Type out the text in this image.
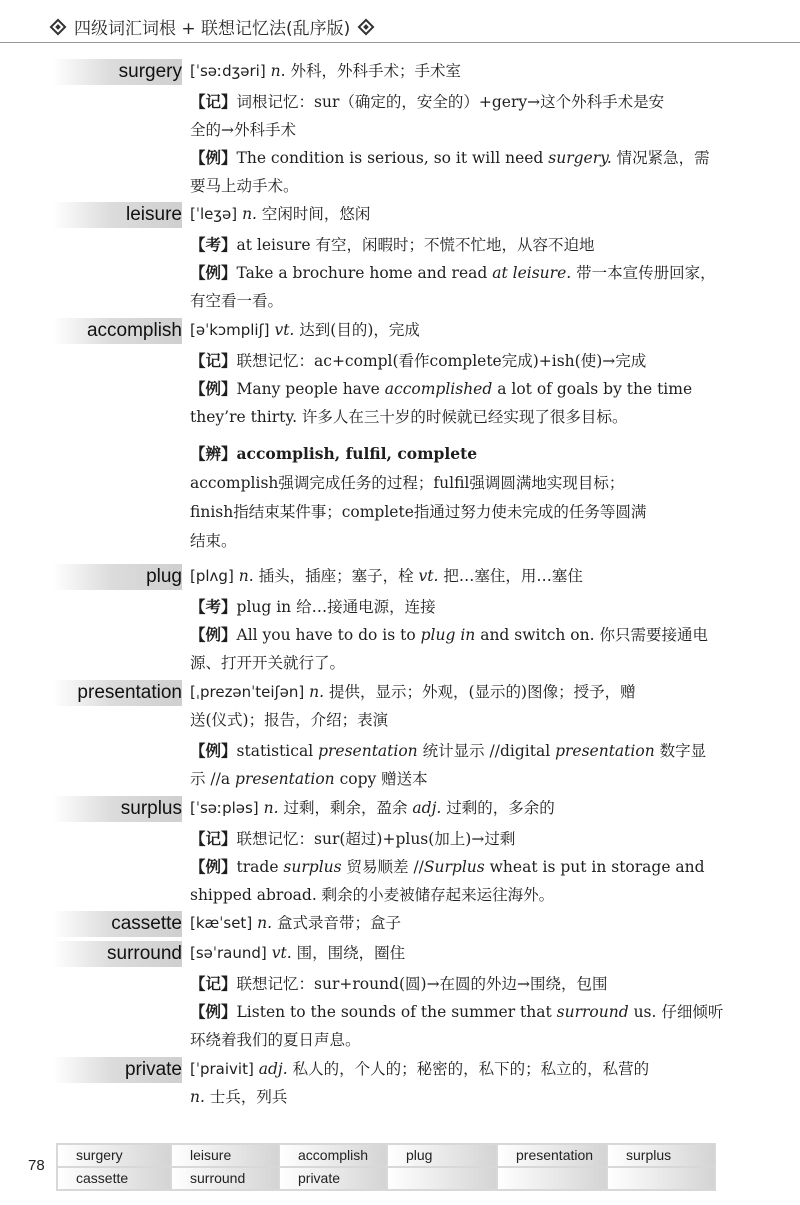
四级词汇词根 + 联想记忆法(乱序版)
surgery [ˈsəːdʒəri] n. 外科，外科手术；手术室
【记】词根记忆：sur（确定的，安全的）+gery→这个外科手术是安
全的→外科手术
【例】The condition is serious, so it will need surgery. 情况紧急，需
要马上动手术。
leisure [ˈleʒə] n. 空闲时间，悠闲
【考】at leisure 有空，闲暇时；不慌不忙地，从容不迫地
【例】Take a brochure home and read at leisure. 带一本宣传册回家，
有空看一看。
accomplish [əˈkɔmpliʃ] vt. 达到(目的)，完成
【记】联想记忆：ac+compl(看作complete完成)+ish(使)→完成
【例】Many people have accomplished a lot of goals by the time
they’re thirty. 许多人在三十岁的时候就已经实现了很多目标。
【辨】accomplish, fulfil, complete
accomplish强调完成任务的过程；fulfil强调圆满地实现目标；
finish指结束某件事；complete指通过努力使未完成的任务等圆满
结束。
plug [plʌg] n. 插头，插座；塞子，栓 vt. 把…塞住，用…塞住
【考】plug in 给…接通电源，连接
【例】All you have to do is to plug in and switch on. 你只需要接通电
源、打开开关就行了。
presentation [ˌprezənˈteiʃən] n. 提供，显示；外观，(显示的)图像；授予，赠
送(仪式)；报告，介绍；表演
【例】statistical presentation 统计显示 //digital presentation 数字显
示 //a presentation copy 赠送本
surplus [ˈsəːpləs] n. 过剩，剩余，盈余 adj. 过剩的，多余的
【记】联想记忆：sur(超过)+plus(加上)→过剩
【例】trade surplus 贸易顺差 //Surplus wheat is put in storage and
shipped abroad. 剩余的小麦被储存起来运往海外。
cassette [kæˈset] n. 盒式录音带；盒子
surround [səˈraund] vt. 围，围绕，圈住
【记】联想记忆：sur+round(圆)→在圆的外边→围绕，包围
【例】Listen to the sounds of the summer that surround us. 仔细倾听
环绕着我们的夏日声息。
private [ˈpraivit] adj. 私人的，个人的；秘密的，私下的；私立的，私营的
n. 士兵，列兵
78
surgery	leisure	accomplish	plug	presentation	surplus
cassette	surround	private
